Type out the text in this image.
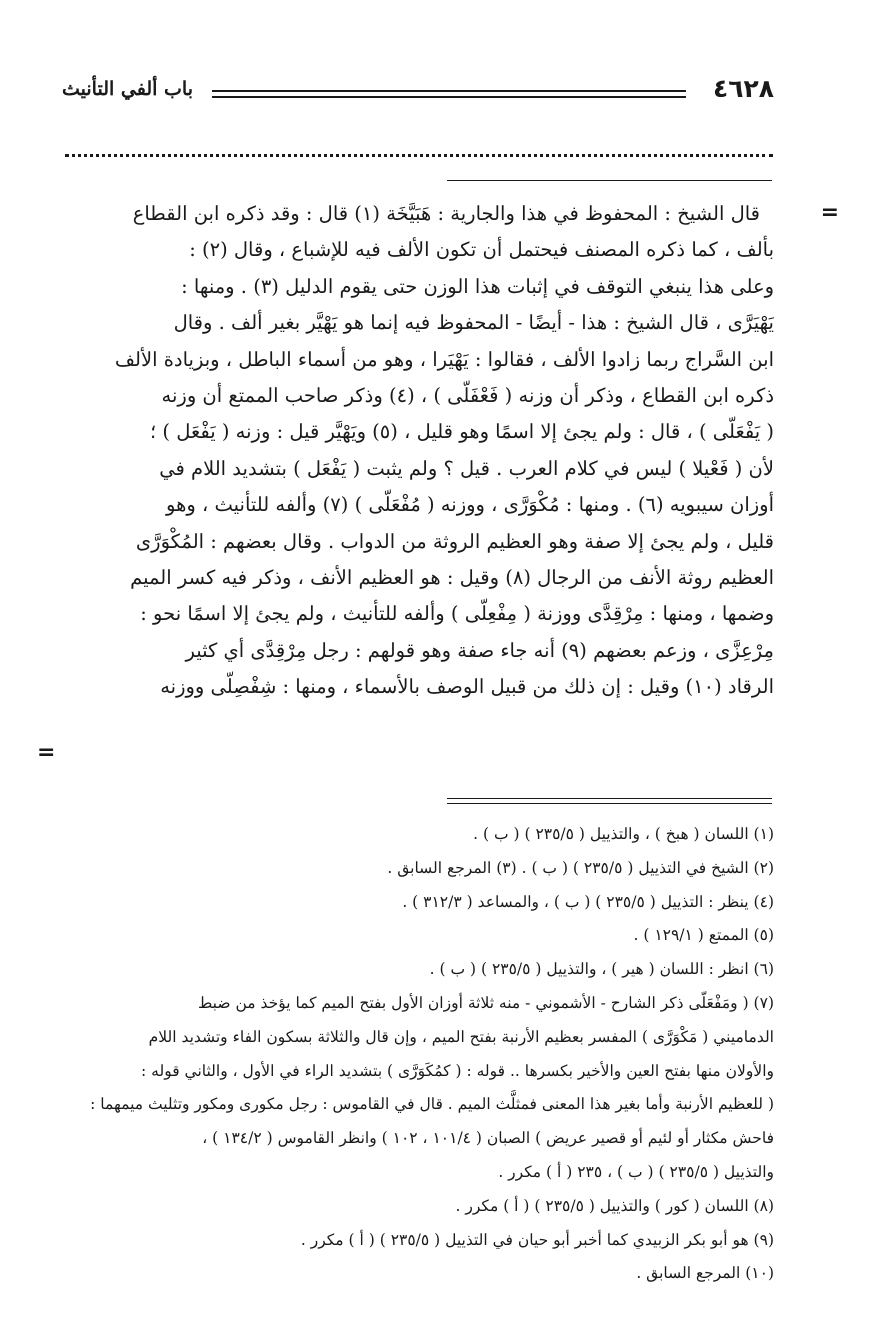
٤٦٢٨
باب ألفي التأنيث
=
=
قال الشيخ : المحفوظ في هذا والجارية : هَبَيَّخَة (١) قال : وقد ذكره ابن القطاع
بألف ، كما ذكره المصنف فيحتمل أن تكون الألف فيه للإشباع ، وقال (٢) :
وعلى هذا ينبغي التوقف في إثبات هذا الوزن حتى يقوم الدليل (٣) . ومنها :
يَهْيَرَّى ، قال الشيخ : هذا - أيضًا - المحفوظ فيه إنما هو يَهْيَّر بغير ألف . وقال
ابن السَّراج ربما زادوا الألف ، فقالوا : يَهْيَرا ، وهو من أسماء الباطل ، وبزيادة الألف
ذكره ابن القطاع ، وذكر أن وزنه ( فَعْفَلّى ) ، (٤) وذكر صاحب الممتع أن وزنه
( يَفْعَلّى ) ، قال : ولم يجئ إلا اسمًا وهو قليل ، (٥) ويَهْيَّر قيل : وزنه ( يَفْعَل ) ؛
لأن ( فَعْيلا ) ليس في كلام العرب . قيل ؟ ولم يثبت ( يَفْعَل ) بتشديد اللام في
أوزان سيبويه (٦) . ومنها : مُكْوَرَّى ، ووزنه ( مُفْعَلّى ) (٧) وألفه للتأنيث ، وهو
قليل ، ولم يجئ إلا صفة وهو العظيم الروثة من الدواب . وقال بعضهم : المُكْوَرَّى
العظيم روثة الأنف من الرجال (٨) وقيل : هو العظيم الأنف ، وذكر فيه كسر الميم
وضمها ، ومنها : مِرْقِدَّى ووزنة ( مِفْعِلّى ) وألفه للتأنيث ، ولم يجئ إلا اسمًا نحو :
مِرْعِزَّى ، وزعم بعضهم (٩) أنه جاء صفة وهو قولهم : رجل مِرْقِدَّى أي كثير
الرقاد (١٠) وقيل : إن ذلك من قبيل الوصف بالأسماء ، ومنها : شِفْصِلّى ووزنه
(١) اللسان ( هبخ ) ، والتذييل ( ٢٣٥/٥ ) ( ب ) .
(٢) الشيخ في التذييل ( ٢٣٥/٥ ) ( ب ) . (٣) المرجع السابق .
(٤) ينظر : التذييل ( ٢٣٥/٥ ) ( ب ) ، والمساعد ( ٣١٢/٣ ) .
(٥) الممتع ( ١٢٩/١ ) .
(٦) انظر : اللسان ( هير ) ، والتذييل ( ٢٣٥/٥ ) ( ب ) .
(٧) ( ومَفْعَلّى ذكر الشارح - الأشموني - منه ثلاثة أوزان الأول بفتح الميم كما يؤخذ من ضبط
الدماميني ( مَكْوَرَّى ) المفسر بعظيم الأرنبة بفتح الميم ، وإن قال والثلاثة بسكون الفاء وتشديد اللام
والأولان منها بفتح العين والأخير بكسرها .. قوله : ( كمُكَوَرَّى ) بتشديد الراء في الأول ، والثاني قوله :
( للعظيم الأرنبة وأما بغير هذا المعنى فمثلَّث الميم . قال في القاموس : رجل مكورى ومكور وتثليث ميمهما :
فاحش مكثار أو لئيم أو قصير عريض ) الصبان ( ١٠١/٤ ، ١٠٢ ) وانظر القاموس ( ١٣٤/٢ ) ،
والتذييل ( ٢٣٥/٥ ) ( ب ) ، ٢٣٥ ( أ ) مكرر .
(٨) اللسان ( كور ) والتذييل ( ٢٣٥/٥ ) ( أ ) مكرر .
(٩) هو أبو بكر الزبيدي كما أخبر أبو حيان في التذييل ( ٢٣٥/٥ ) ( أ ) مكرر .
(١٠) المرجع السابق .
